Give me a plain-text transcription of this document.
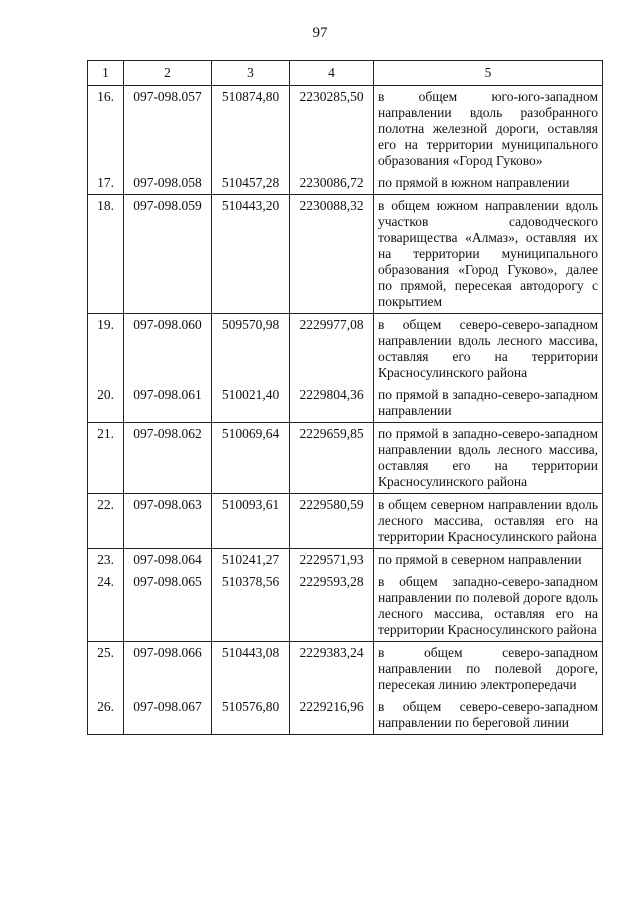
97
1	2	3	4	5
16.	097-098.057	510874,80	2230285,50	в общем юго-юго-западном направлении вдоль разобранного полотна железной дороги, оставляя его на территории муниципального образования «Город Гуково»
17.	097-098.058	510457,28	2230086,72	по прямой в южном направлении
18.	097-098.059	510443,20	2230088,32	в общем южном направлении вдоль участков садоводческого товарищества «Алмаз», оставляя их на территории муниципального образования «Город Гуково», далее по прямой, пересекая автодорогу с покрытием
19.	097-098.060	509570,98	2229977,08	в общем северо-северо-западном направлении вдоль лесного массива, оставляя его на территории Красносулинского района
20.	097-098.061	510021,40	2229804,36	по прямой в западно-северо-западном направлении
21.	097-098.062	510069,64	2229659,85	по прямой в западно-северо-западном направлении вдоль лесного массива, оставляя его на территории Красносулинского района
22.	097-098.063	510093,61	2229580,59	в общем северном направлении вдоль лесного массива, оставляя его на территории Красносулинского района
23.	097-098.064	510241,27	2229571,93	по прямой в северном направлении
24.	097-098.065	510378,56	2229593,28	в общем западно-северо-западном направлении по полевой дороге вдоль лесного массива, оставляя его на территории Красносулинского района
25.	097-098.066	510443,08	2229383,24	в общем северо-западном направлении по полевой дороге, пересекая линию электропередачи
26.	097-098.067	510576,80	2229216,96	в общем северо-северо-западном направлении по береговой линии
